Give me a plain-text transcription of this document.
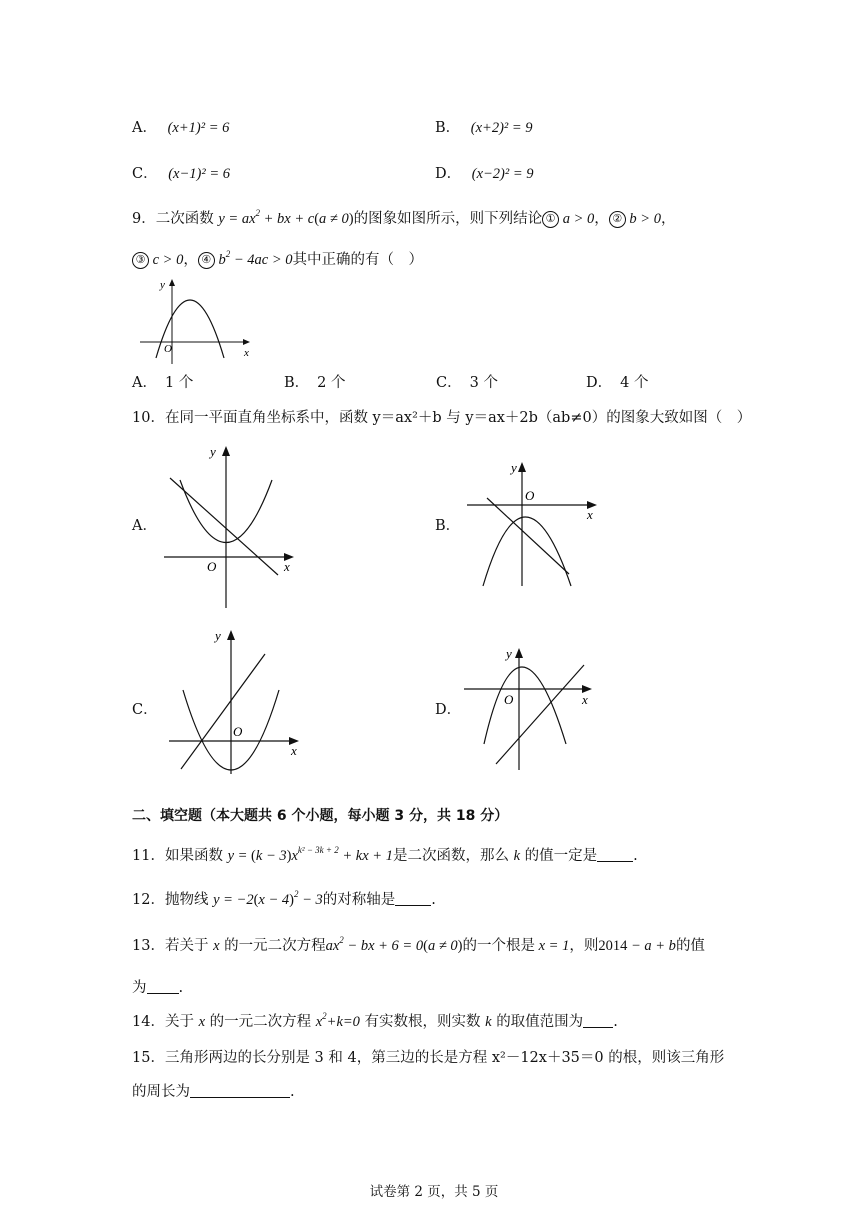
A． (x+1)² = 6	B． (x+2)² = 9
C． (x−1)² = 6	D． (x−2)² = 9
9．二次函数 $y = ax^2$ + bx + c(a ≠ 0)的图象如图所示，则下列结论 ① a > 0， ② b > 0，
③ c > 0， ④ $b^2 - 4ac > 0$其中正确的有（　）
y
x
O
A． 1 个	B． 2 个	C． 3 个	D． 4 个
10．在同一平面直角坐标系中，函数 y＝ax²＋b 与 y＝ax＋2b（ab≠0）的图象大致如图（　）
A．
y
x
O
B．
y
x
O
C．
y
x
O
D．
y
x
O
二、填空题（本大题共 6 个小题，每小题 3 分，共 18 分）
11．如果函数 $y = (k - 3)x^{k^2 - 3k + 2}$ + kx + 1是二次函数，那么 k 的值一定是 .
12．抛物线 $y = -2(x - 4)^2 - 3$的对称轴是 .
13．若关于 x 的一元二次方程$ax^2$ − bx + 6 = 0(a ≠ 0)的一个根是 x = 1，则2014 − a + b的值
为 .
14．关于 x 的一元二次方程 $x^2+k=0$ 有实数根，则实数 k 的取值范围为 .
15．三角形两边的长分别是 3 和 4，第三边的长是方程 x²－12x＋35＝0 的根，则该三角形
的周长为	.
试卷第 2 页，共 5 页
